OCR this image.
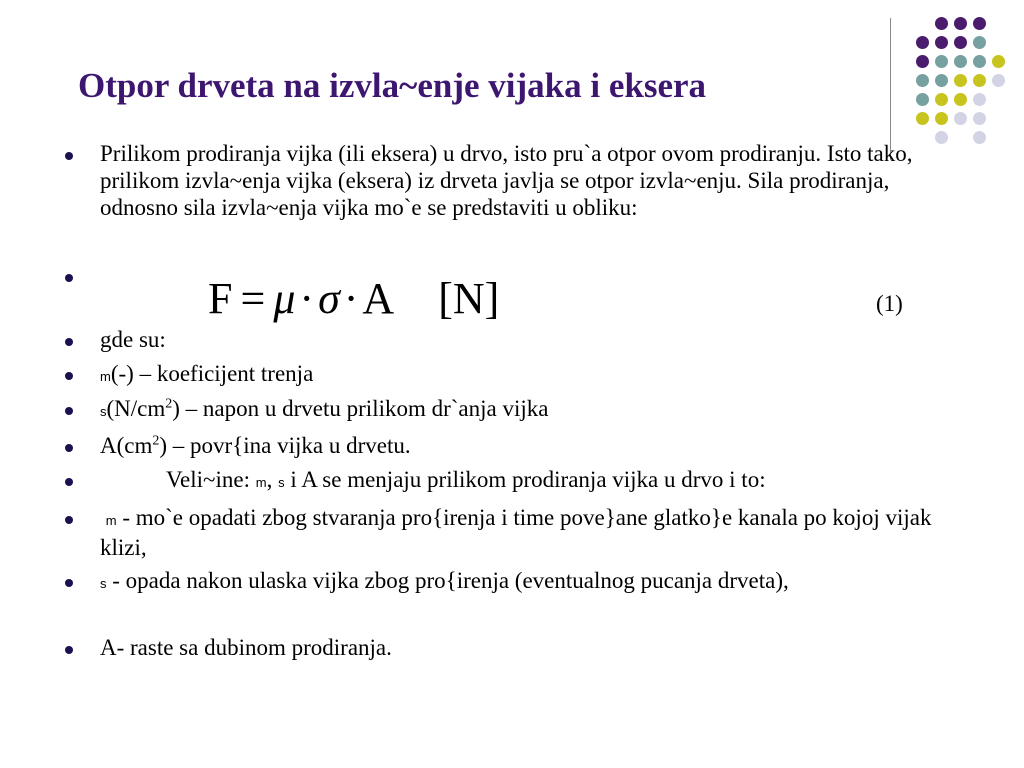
Otpor drveta na izvla~enje vijaka i eksera
Prilikom prodiranja vijka (ili eksera) u drvo, isto pru`a otpor ovom prodiranju. Isto tako, prilikom izvla~enja vijka (eksera) iz drveta javlja se otpor izvla~enju. Sila prodiranja, odnosno sila izvla~enja vijka mo`e se predstaviti u obliku:
gde su:
m(-) – koeficijent trenja
$s(N/cm^2)$ – napon u drvetu prilikom dr`anja vijka
$A(cm^2)$ – povr{ina vijka u drvetu.
Veli~ine: m, s i A se menjaju prilikom prodiranja vijka u drvo i to:
m - mo`e opadati zbog stvaranja pro{irenja i time pove}ane glatko}e kanala po kojoj vijak klizi,
s - opada nakon ulaska vijka zbog pro{irenja (eventualnog pucanja drveta),
A- raste sa dubinom prodiranja.
F = μ·σ·A [N]	(1)
